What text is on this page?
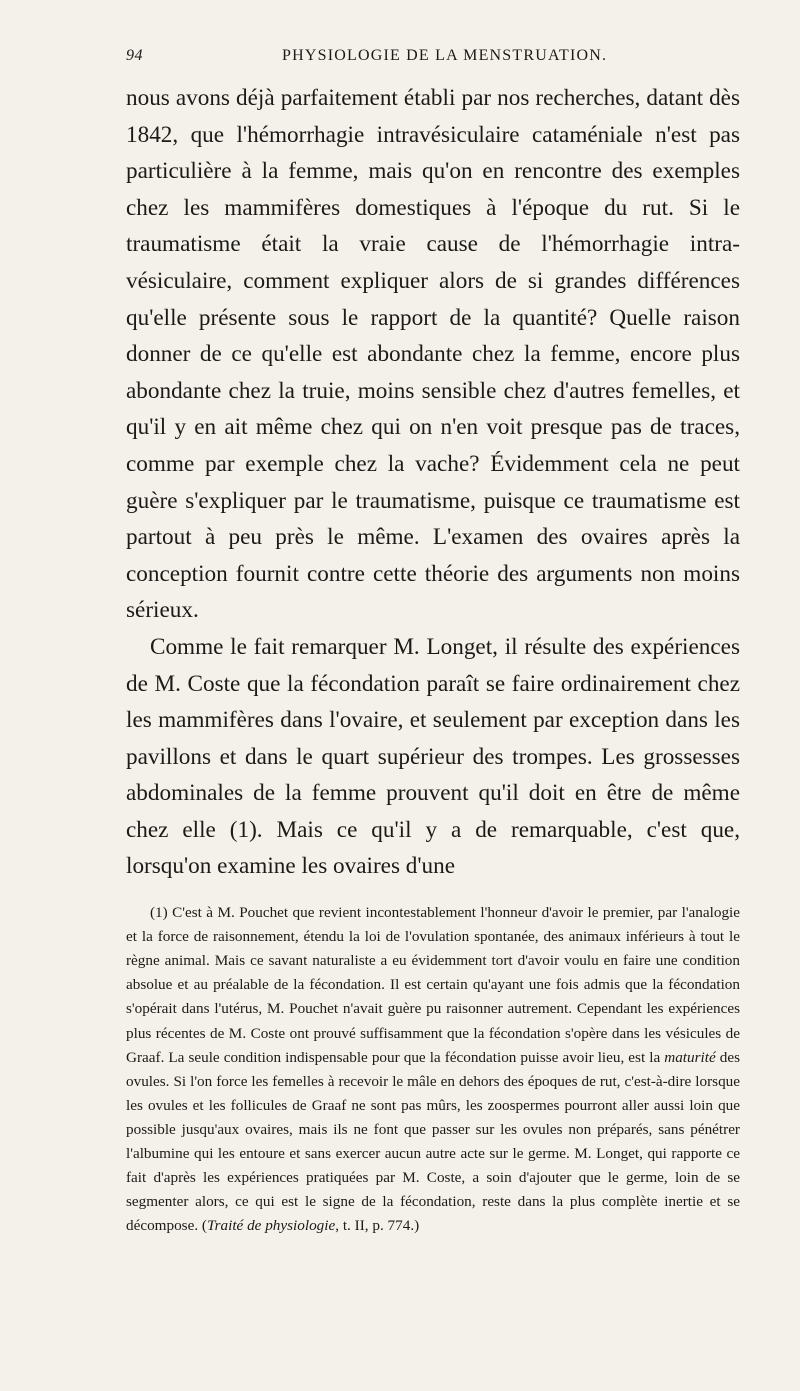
94	PHYSIOLOGIE DE LA MENSTRUATION.

nous avons déjà parfaitement établi par nos recherches, datant dès 1842, que l'hémorrhagie intravésiculaire cataméniale n'est pas particulière à la femme, mais qu'on en rencontre des exemples chez les mammifères domestiques à l'époque du rut. Si le traumatisme était la vraie cause de l'hémorrhagie intra-vésiculaire, comment expliquer alors de si grandes différences qu'elle présente sous le rapport de la quantité? Quelle raison donner de ce qu'elle est abondante chez la femme, encore plus abondante chez la truie, moins sensible chez d'autres femelles, et qu'il y en ait même chez qui on n'en voit presque pas de traces, comme par exemple chez la vache? Évidemment cela ne peut guère s'expliquer par le traumatisme, puisque ce traumatisme est partout à peu près le même. L'examen des ovaires après la conception fournit contre cette théorie des arguments non moins sérieux.

Comme le fait remarquer M. Longet, il résulte des expériences de M. Coste que la fécondation paraît se faire ordinairement chez les mammifères dans l'ovaire, et seulement par exception dans les pavillons et dans le quart supérieur des trompes. Les grossesses abdominales de la femme prouvent qu'il doit en être de même chez elle (1). Mais ce qu'il y a de remarquable, c'est que, lorsqu'on examine les ovaires d'une

(1) C'est à M. Pouchet que revient incontestablement l'honneur d'avoir le premier, par l'analogie et la force de raisonnement, étendu la loi de l'ovulation spontanée, des animaux inférieurs à tout le règne animal. Mais ce savant naturaliste a eu évidemment tort d'avoir voulu en faire une condition absolue et au préalable de la fécondation. Il est certain qu'ayant une fois admis que la fécondation s'opérait dans l'utérus, M. Pouchet n'avait guère pu raisonner autrement. Cependant les expériences plus récentes de M. Coste ont prouvé suffisamment que la fécondation s'opère dans les vésicules de Graaf. La seule condition indispensable pour que la fécondation puisse avoir lieu, est la maturité des ovules. Si l'on force les femelles à recevoir le mâle en dehors des époques de rut, c'est-à-dire lorsque les ovules et les follicules de Graaf ne sont pas mûrs, les zoospermes pourront aller aussi loin que possible jusqu'aux ovaires, mais ils ne font que passer sur les ovules non préparés, sans pénétrer l'albumine qui les entoure et sans exercer aucun autre acte sur le germe. M. Longet, qui rapporte ce fait d'après les expériences pratiquées par M. Coste, a soin d'ajouter que le germe, loin de se segmenter alors, ce qui est le signe de la fécondation, reste dans la plus complète inertie et se décompose. (Traité de physiologie, t. II, p. 774.)
